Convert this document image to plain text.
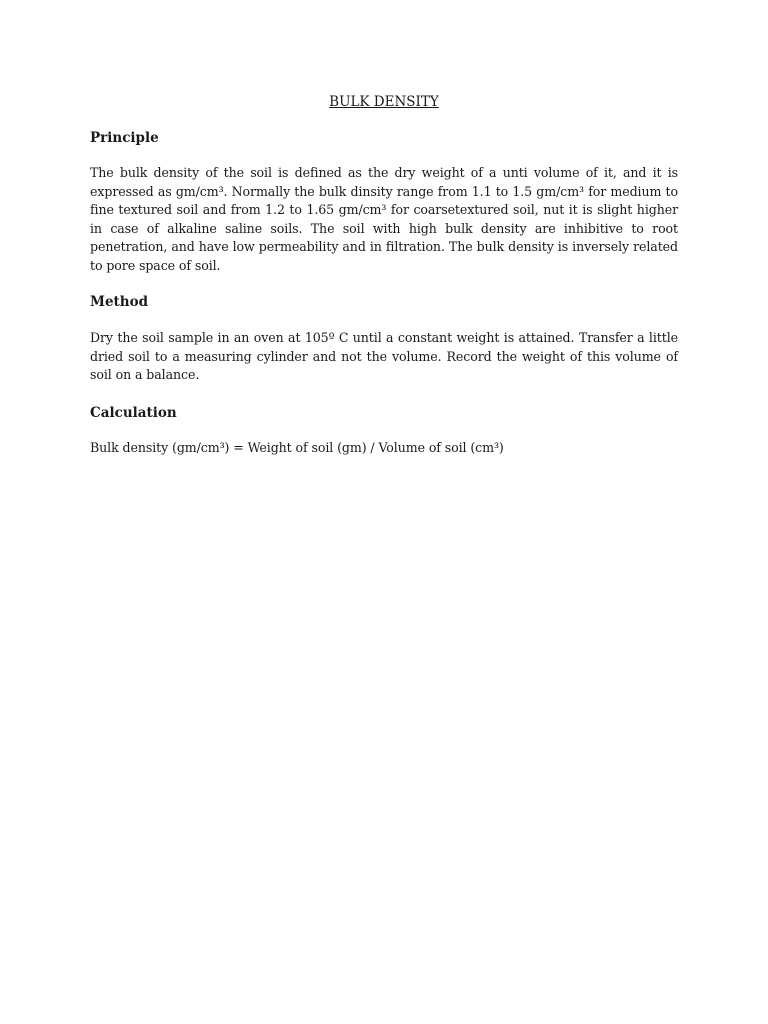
BULK DENSITY
Principle

The bulk density of the soil is defined as the dry weight of a unti volume of it, and it is expressed as gm/cm³. Normally the bulk dinsity range from 1.1 to 1.5 gm/cm³ for medium to fine textured soil and from 1.2 to 1.65 gm/cm³ for coarsetextured soil, nut it is slight higher in case of alkaline saline soils. The soil with high bulk density are inhibitive to root penetration, and have low permeability and in filtration. The bulk density is inversely related to pore space of soil.

Method

Dry the soil sample in an oven at 105º C until a constant weight is attained. Transfer a little dried soil to a measuring cylinder and not the volume. Record the weight of this volume of soil on a balance.

Calculation

Bulk density (gm/cm³) = Weight of soil (gm) / Volume of soil (cm³)
